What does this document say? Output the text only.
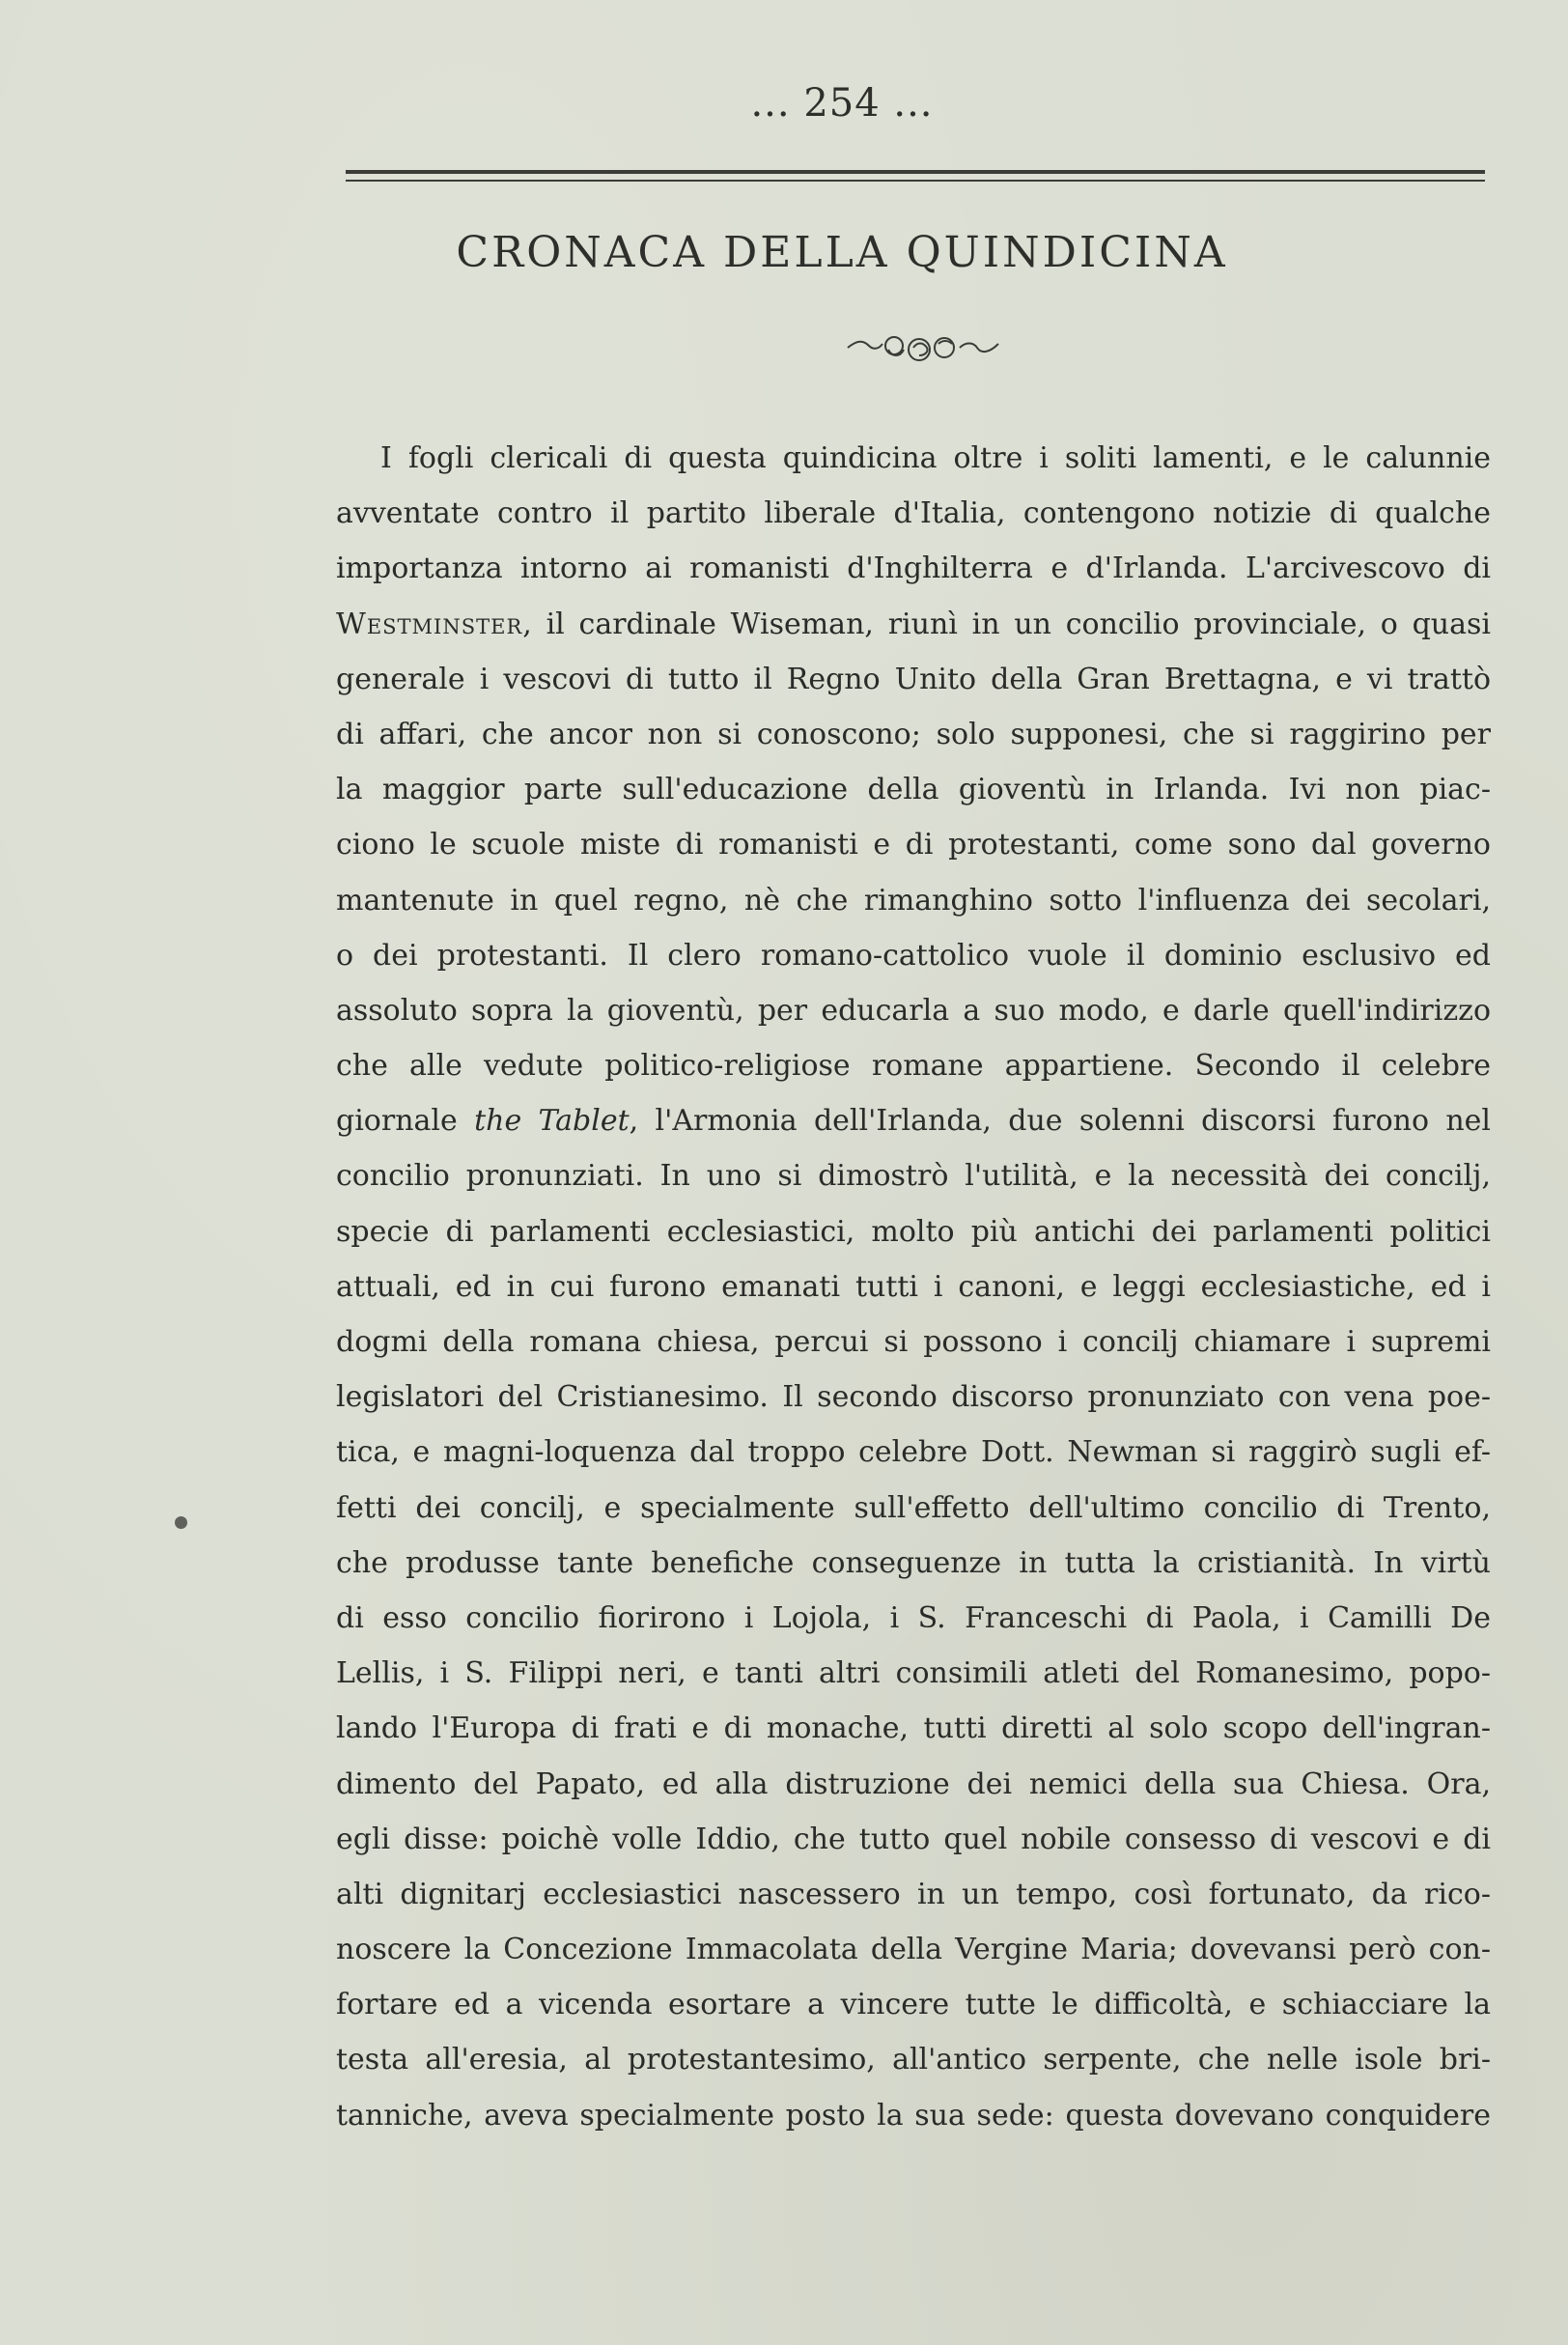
... 254 ...
CRONACA DELLA QUINDICINA
I fogli clericali di questa quindicina oltre i soliti lamenti, e le calunnie
avventate contro il partito liberale d'Italia, contengono notizie di qualche
importanza intorno ai romanisti d'Inghilterra e d'Irlanda. L'arcivescovo di
Westminster, il cardinale Wiseman, riunì in un concilio provinciale, o quasi
generale i vescovi di tutto il Regno Unito della Gran Brettagna, e vi trattò
di affari, che ancor non si conoscono; solo supponesi, che si raggirino per
la maggior parte sull'educazione della gioventù in Irlanda. Ivi non piac-
ciono le scuole miste di romanisti e di protestanti, come sono dal governo
mantenute in quel regno, nè che rimanghino sotto l'influenza dei secolari,
o dei protestanti. Il clero romano-cattolico vuole il dominio esclusivo ed
assoluto sopra la gioventù, per educarla a suo modo, e darle quell'indirizzo
che alle vedute politico-religiose romane appartiene. Secondo il celebre
giornale the Tablet, l'Armonia dell'Irlanda, due solenni discorsi furono nel
concilio pronunziati. In uno si dimostrò l'utilità, e la necessità dei concilj,
specie di parlamenti ecclesiastici, molto più antichi dei parlamenti politici
attuali, ed in cui furono emanati tutti i canoni, e leggi ecclesiastiche, ed i
dogmi della romana chiesa, percui si possono i concilj chiamare i supremi
legislatori del Cristianesimo. Il secondo discorso pronunziato con vena poe-
tica, e magni-loquenza dal troppo celebre Dott. Newman si raggirò sugli ef-
fetti dei concilj, e specialmente sull'effetto dell'ultimo concilio di Trento,
che produsse tante benefiche conseguenze in tutta la cristianità. In virtù
di esso concilio fiorirono i Lojola, i S. Franceschi di Paola, i Camilli De
Lellis, i S. Filippi neri, e tanti altri consimili atleti del Romanesimo, popo-
lando l'Europa di frati e di monache, tutti diretti al solo scopo dell'ingran-
dimento del Papato, ed alla distruzione dei nemici della sua Chiesa. Ora,
egli disse: poichè volle Iddio, che tutto quel nobile consesso di vescovi e di
alti dignitarj ecclesiastici nascessero in un tempo, così fortunato, da rico-
noscere la Concezione Immacolata della Vergine Maria; dovevansi però con-
fortare ed a vicenda esortare a vincere tutte le difficoltà, e schiacciare la
testa all'eresia, al protestantesimo, all'antico serpente, che nelle isole bri-
tanniche, aveva specialmente posto la sua sede: questa dovevano conquidere
